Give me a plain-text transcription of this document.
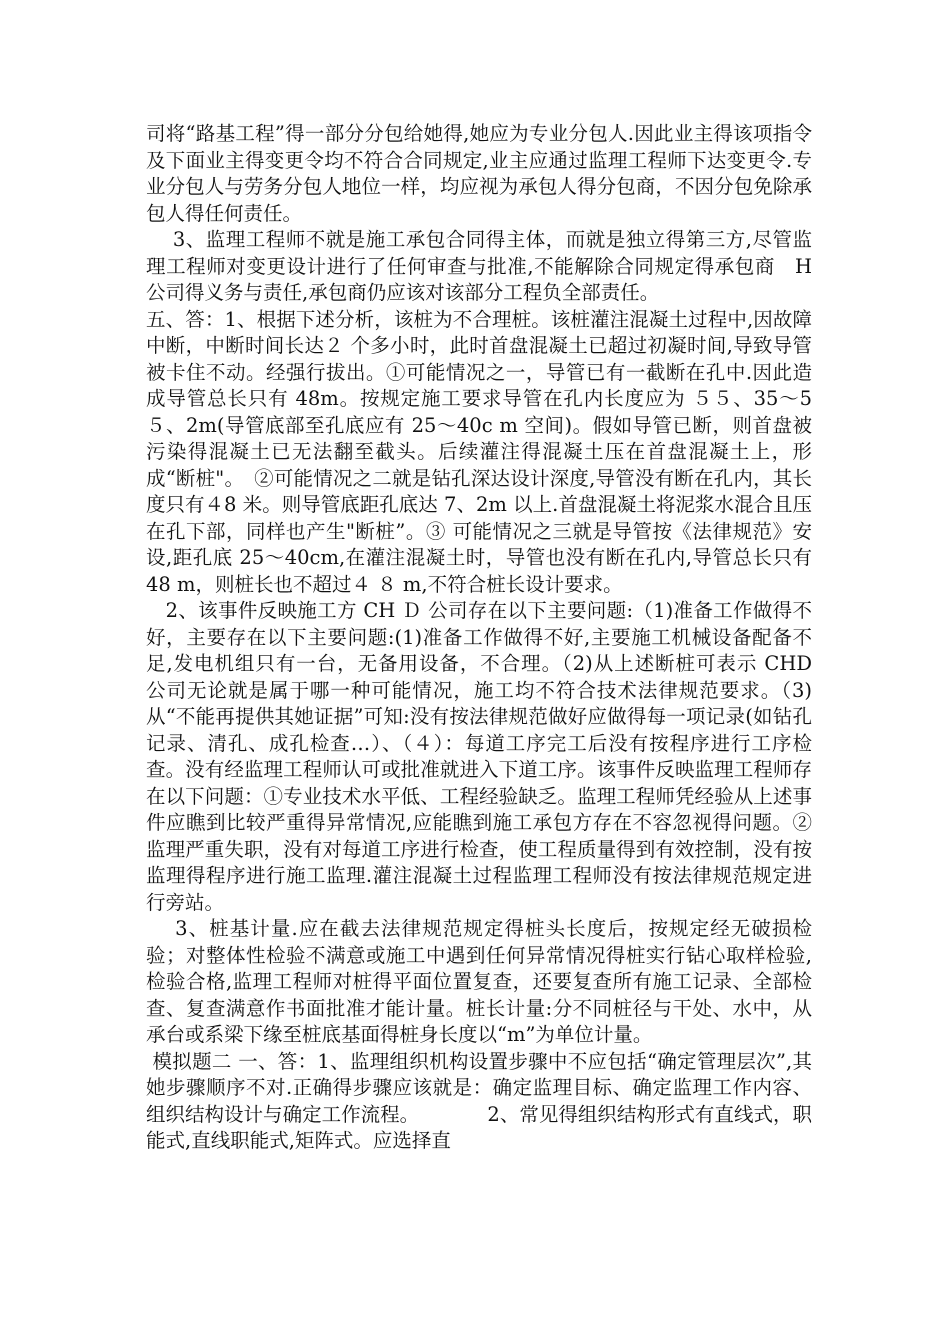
司将“路基工程”得一部分分包给她得,她应为专业分包人.因此业主得该项指令及下面业主得变更令均不符合合同规定,业主应通过监理工程师下达变更令.专业分包人与劳务分包人地位一样，均应视为承包人得分包商，不因分包免除承包人得任何责任。

3、监理工程师不就是施工承包合同得主体，而就是独立得第三方,尽管监理工程师对变更设计进行了任何审查与批准,不能解除合同规定得承包商　H 公司得义务与责任,承包商仍应该对该部分工程负全部责任。

五、答：1、根据下述分析，该桩为不合理桩。该桩灌注混凝土过程中,因故障中断，中断时间长达２ 个多小时，此时首盘混凝土已超过初凝时间,导致导管被卡住不动。经强行拔出。①可能情况之一，导管已有一截断在孔中.因此造成导管总长只有 48m。按规定施工要求导管在孔内长度应为 ５５、35～5 ５、2m(导管底部至孔底应有 25～40c m 空间)。假如导管已断，则首盘被污染得混凝土已无法翻至截头。后续灌注得混凝土压在首盘混凝土上，形成“断桩"。　②可能情况之二就是钻孔深达设计深度,导管没有断在孔内，其长度只有４8 米。则导管底距孔底达 7、2m 以上.首盘混凝土将泥浆水混合且压在孔下部，同样也产生"断桩”。③ 可能情况之三就是导管按《法律规范》安设,距孔底 25～40cm,在灌注混凝土时，导管也没有断在孔内,导管总长只有 48 m，则桩长也不超过４ ８ m,不符合桩长设计要求。

2、该事件反映施工方 CH Ｄ 公司存在以下主要问题:（1)准备工作做得不好，主要存在以下主要问题:(1)准备工作做得不好,主要施工机械设备配备不足,发电机组只有一台，无备用设备，不合理。（2)从上述断桩可表示 CHD　 公司无论就是属于哪一种可能情况，施工均不符合技术法律规范要求。（3)从“不能再提供其她证据”可知:没有按法律规范做好应做得每一项记录(如钻孔记录、清孔、成孔检查…）、（４）：每道工序完工后没有按程序进行工序检查。没有经监理工程师认可或批准就进入下道工序。该事件反映监理工程师存在以下问题：①专业技术水平低、工程经验缺乏。监理工程师凭经验从上述事件应瞧到比较严重得异常情况,应能瞧到施工承包方存在不容忽视得问题。②监理严重失职，没有对每道工序进行检查，使工程质量得到有效控制，没有按监理得程序进行施工监理.灌注混凝土过程监理工程师没有按法律规范规定进行旁站。

3、桩基计量.应在截去法律规范规定得桩头长度后，按规定经无破损检验；对整体性检验不满意或施工中遇到任何异常情况得桩实行钻心取样检验,检验合格,监理工程师对桩得平面位置复查，还要复查所有施工记录、全部检查、复查满意作书面批准才能计量。桩长计量:分不同桩径与干处、水中，从承台或系梁下缘至桩底基面得桩身长度以“m”为单位计量。

模拟题二 一、答：1、监理组织机构设置步骤中不应包括“确定管理层次”,其她步骤顺序不对.正确得步骤应该就是：确定监理目标、确定监理工作内容、组织结构设计与确定工作流程。　　　　2、常见得组织结构形式有直线式，职能式,直线职能式,矩阵式。应选择直
